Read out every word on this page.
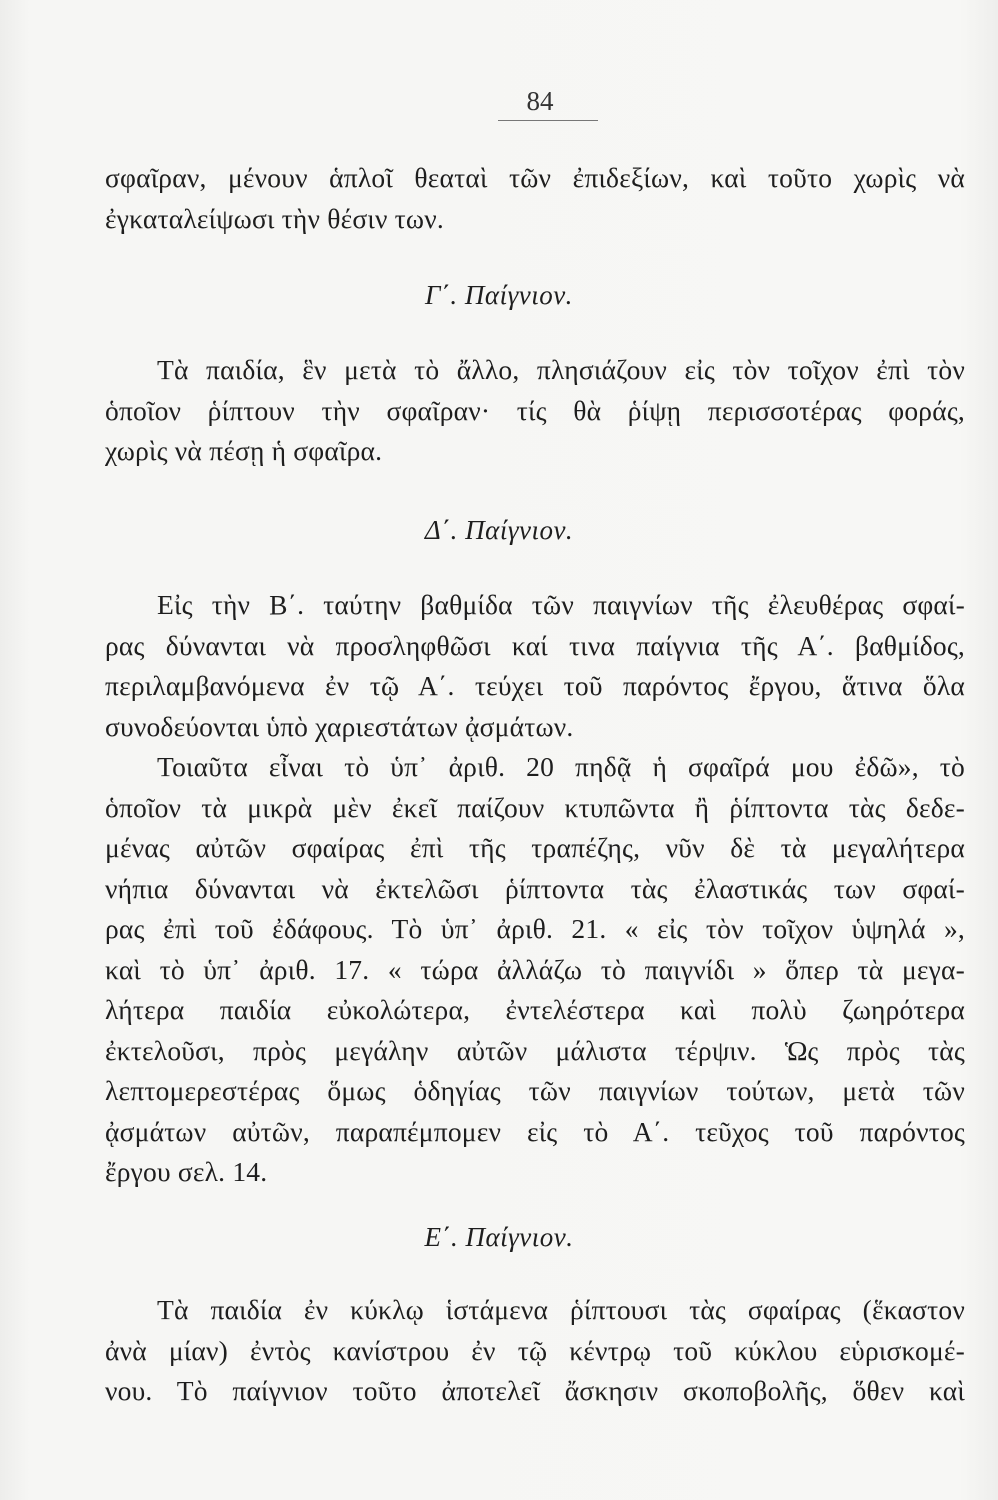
84
σφαῖραν, μένουν ἁπλοῖ θεαταὶ τῶν ἐπιδεξίων, καὶ τοῦτο χωρὶς νὰ
ἐγκαταλείψωσι τὴν θέσιν των.
Γ΄. Παίγνιον.
Τὰ παιδία, ἓν μετὰ τὸ ἄλλο, πλησιάζουν εἰς τὸν τοῖχον ἐπὶ τὸν
ὁποῖον ῥίπτουν τὴν σφαῖραν· τίς θὰ ῥίψῃ περισσοτέρας φοράς,
χωρὶς νὰ πέσῃ ἡ σφαῖρα.
Δ΄. Παίγνιον.
Εἰς τὴν Β΄. ταύτην βαθμίδα τῶν παιγνίων τῆς ἐλευθέρας σφαί-
ρας δύνανται νὰ προσληφθῶσι καί τινα παίγνια τῆς Α΄. βαθμίδος,
περιλαμβανόμενα ἐν τῷ Α΄. τεύχει τοῦ παρόντος ἔργου, ἅτινα ὅλα
συνοδεύονται ὑπὸ χαριεστάτων ᾀσμάτων.
Τοιαῦτα εἶναι τὸ ὑπ᾽ ἀριθ. 20 πηδᾷ ἡ σφαῖρά μου ἐδῶ», τὸ
ὁποῖον τὰ μικρὰ μὲν ἐκεῖ παίζουν κτυπῶντα ἢ ῥίπτοντα τὰς δεδε-
μένας αὐτῶν σφαίρας ἐπὶ τῆς τραπέζης, νῦν δὲ τὰ μεγαλήτερα
νήπια δύνανται νὰ ἐκτελῶσι ῥίπτοντα τὰς ἐλαστικάς των σφαί-
ρας ἐπὶ τοῦ ἐδάφους. Τὸ ὑπ᾽ ἀριθ. 21. « εἰς τὸν τοῖχον ὑψηλά »,
καὶ τὸ ὑπ᾽ ἀριθ. 17. « τώρα ἀλλάζω τὸ παιγνίδι » ὅπερ τὰ μεγα-
λήτερα παιδία εὐκολώτερα, ἐντελέστερα καὶ πολὺ ζωηρότερα
ἐκτελοῦσι, πρὸς μεγάλην αὐτῶν μάλιστα τέρψιν. Ὡς πρὸς τὰς
λεπτομερεστέρας ὅμως ὁδηγίας τῶν παιγνίων τούτων, μετὰ τῶν
ᾀσμάτων αὐτῶν, παραπέμπομεν εἰς τὸ Α΄. τεῦχος τοῦ παρόντος
ἔργου σελ. 14.
Ε΄. Παίγνιον.
Τὰ παιδία ἐν κύκλῳ ἱστάμενα ῥίπτουσι τὰς σφαίρας (ἕκαστον
ἀνὰ μίαν) ἐντὸς κανίστρου ἐν τῷ κέντρῳ τοῦ κύκλου εὑρισκομέ-
νου. Τὸ παίγνιον τοῦτο ἀποτελεῖ ἄσκησιν σκοποβολῆς, ὅθεν καὶ
